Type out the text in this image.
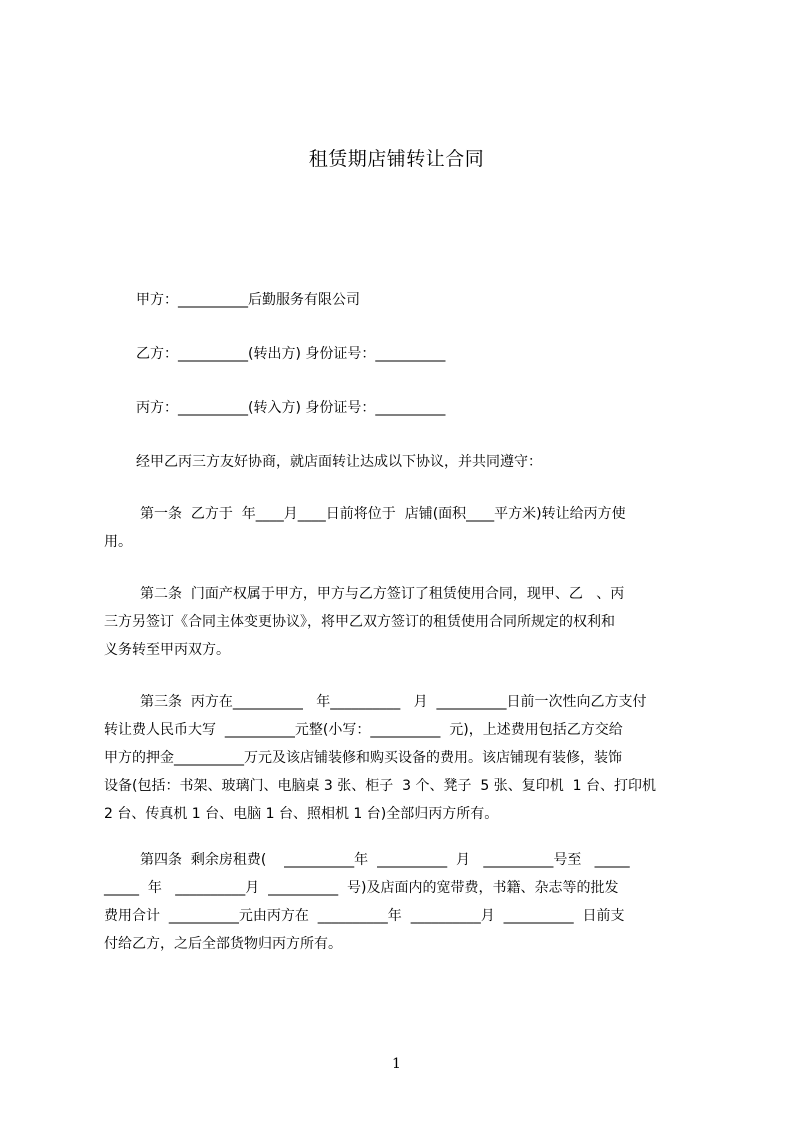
租赁期店铺转让合同
甲方：__________后勤服务有限公司
乙方：__________(转出方) 身份证号：__________
丙方：__________(转入方) 身份证号：__________
经甲乙丙三方友好协商，就店面转让达成以下协议，并共同遵守：
第一条  乙方于  年____月____日前将位于  店铺(面积____平方米)转让给丙方使
用。
第二条  门面产权属于甲方，甲方与乙方签订了租赁使用合同，现甲、乙   、丙
三方另签订《合同主体变更协议》，将甲乙双方签订的租赁使用合同所规定的权利和
义务转至甲丙双方。
第三条  丙方在__________   年__________   月  __________日前一次性向乙方支付
转让费人民币大写  __________元整(小写：__________  元)，上述费用包括乙方交给
甲方的押金__________万元及该店铺装修和购买设备的费用。该店铺现有装修，装饰
设备(包括：书架、玻璃门、电脑桌 3 张、柜子  3 个、凳子  5 张、复印机  1 台、打印机
2 台、传真机 1 台、电脑 1 台、照相机 1 台)全部归丙方所有。
第四条  剩余房租费(    __________年  __________  月   __________号至   _____
_____  年   __________月  __________  号)及店面内的宽带费，书籍、杂志等的批发
费用合计  __________元由丙方在  __________年  __________月  __________  日前支
付给乙方，之后全部货物归丙方所有。
1
